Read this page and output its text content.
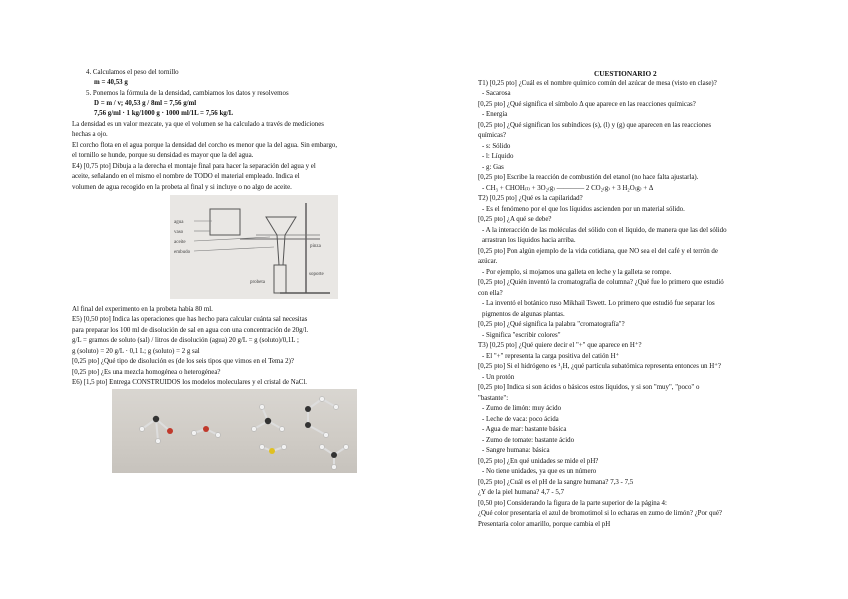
4. Calculamos el peso del tornillo
m = 40,53 g
5. Ponemos la fórmula de la densidad, cambiamos los datos y resolvemos
D = m / v; 40,53 g / 8ml = 7,56 g/ml
7,56 g/ml · 1 kg/1000 g · 1000 ml/1L = 7,56 kg/L
La densidad es un valor mezcate, ya que el volumen se ha calculado a través de mediciones
hechas a ojo.
El corcho flota en el agua porque la densidad del corcho es menor que la del agua. Sin embargo,
el tornillo se hunde, porque su densidad es mayor que la del agua.
E4) [0,75 pto] Dibuja a la derecha el montaje final para hacer la separación del agua y el
aceite, señalando en el mismo el nombre de TODO el material empleado. Indica el
volumen de agua recogido en la probeta al final y si incluye o no algo de aceite.
agua
vaso
aceite
embudo
pinza
soporte
probeta
Al final del experimento en la probeta había 80 ml.
E5) [0,50 pto] Indica las operaciones que has hecho para calcular cuánta sal necesitas
para preparar los 100 ml de disolución de sal en agua con una concentración de 20g/l.
g/L = gramos de soluto (sal) / litros de disolución (agua) 20 g/L = g (soluto)/0,1L ;
g (soluto) = 20 g/L · 0,1 L; g (soluto) = 2 g sal
[0,25 pto] ¿Qué tipo de disolución es (de los seis tipos que vimos en el Tema 2)?
[0,25 pto] ¿Es una mezcla homogénea o heterogénea?
E6) [1,5 pto] Entrega CONSTRUIDOS los modelos moleculares y el cristal de NaCl.
CUESTIONARIO 2
T1) [0,25 pto] ¿Cuál es el nombre químico común del azúcar de mesa (visto en clase)?
- Sacarosa
[0,25 pto] ¿Qué significa el símbolo Δ que aparece en las reacciones químicas?
- Energía
[0,25 pto] ¿Qué significan los subíndices (s), (l) y (g) que aparecen en las reacciones
químicas?
- s: Sólido
- l: Líquido
- g: Gas
[0,25 pto] Escribe la reacción de combustión del etanol (no hace falta ajustarla).
- CH₃ + CHOH₍ₗ₎ + 3O₂₍g₎ ———— 2 CO₂₍g₎ + 3 H₂O₍g₎ + Δ
T2) [0,25 pto] ¿Qué es la capilaridad?
- Es el fenómeno por el que los líquidos ascienden por un material sólido.
[0,25 pto] ¿A qué se debe?
- A la interacción de las moléculas del sólido con el líquido, de manera que las del sólido
arrastran los líquidos hacia arriba.
[0,25 pto] Pon algún ejemplo de la vida cotidiana, que NO sea el del café y el terrón de
azúcar.
- Por ejemplo, si mojamos una galleta en leche y la galleta se rompe.
[0,25 pto] ¿Quién inventó la cromatografía de columna? ¿Qué fue lo primero que estudió
con ella?
- La inventó el botánico ruso Mikhail Tswett. Lo primero que estudió fue separar los
pigmentos de algunas plantas.
[0,25 pto] ¿Qué significa la palabra "cromatografía"?
- Significa "escribir colores"
T3) [0,25 pto] ¿Qué quiere decir el "+" que aparece en H⁺?
- El "+" representa la carga positiva del catión H⁺
[0,25 pto] Si el hidrógeno es ¹₁H, ¿qué partícula subatómica representa entonces un H⁺?
- Un protón
[0,25 pto] Indica si son ácidos o básicos estos líquidos, y si son "muy", "poco" o
"bastante":
- Zumo de limón: muy ácido
- Leche de vaca: poco ácida
- Agua de mar: bastante básica
- Zumo de tomate: bastante ácido
- Sangre humana: básica
[0,25 pto] ¿En qué unidades se mide el pH?
- No tiene unidades, ya que es un número
[0,25 pto] ¿Cuál es el pH de la sangre humana? 7,3 - 7,5
¿Y de la piel humana? 4,7 - 5,7
[0,50 pto] Considerando la figura de la parte superior de la página 4:
¿Qué color presentaría el azul de bromotimol si lo echaras en zumo de limón? ¿Por qué?
Presentaría color amarillo, porque cambia el pH
